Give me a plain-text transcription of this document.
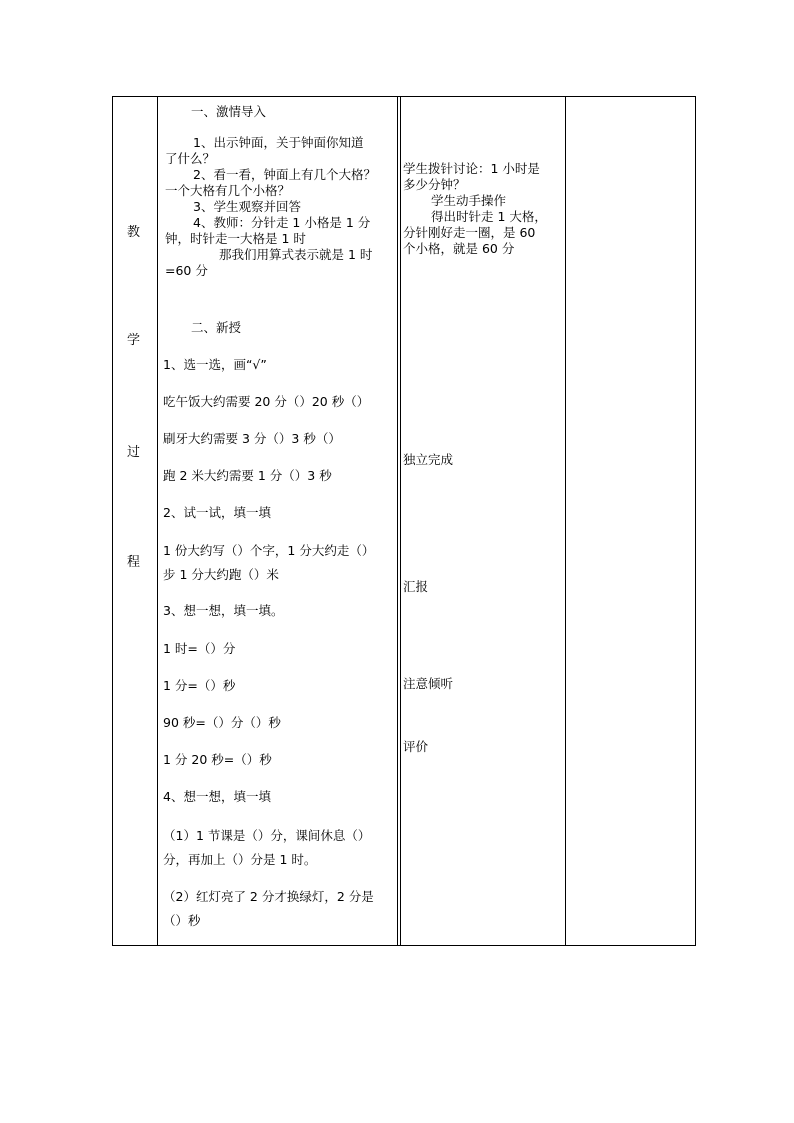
教
学
过
程
一、激情导入
1、出示钟面，关于钟面你知道
了什么？
2、看一看，钟面上有几个大格？
一个大格有几个小格？
3、学生观察并回答
4、教师：分针走 1 小格是 1 分
钟，时针走一大格是 1 时
那我们用算式表示就是 1 时
=60 分
二、新授
1、选一选，画“√”
吃午饭大约需要 20 分（）20 秒（）
刷牙大约需要 3 分（）3 秒（）
跑 2 米大约需要 1 分（）3 秒
2、试一试，填一填
1 份大约写（）个字，1 分大约走（）
步 1 分大约跑（）米
3、想一想，填一填。
1 时=（）分
1 分=（）秒
90 秒=（）分（）秒
1 分 20 秒=（）秒
4、想一想，填一填
（1）1 节课是（）分，课间休息（）
分，再加上（）分是 1 时。
（2）红灯亮了 2 分才换绿灯，2 分是
（）秒
学生拨针讨论：1 小时是
多少分钟？
学生动手操作
得出时针走 1 大格，
分针刚好走一圈，是 60
个小格，就是 60 分
独立完成
汇报
注意倾听
评价
